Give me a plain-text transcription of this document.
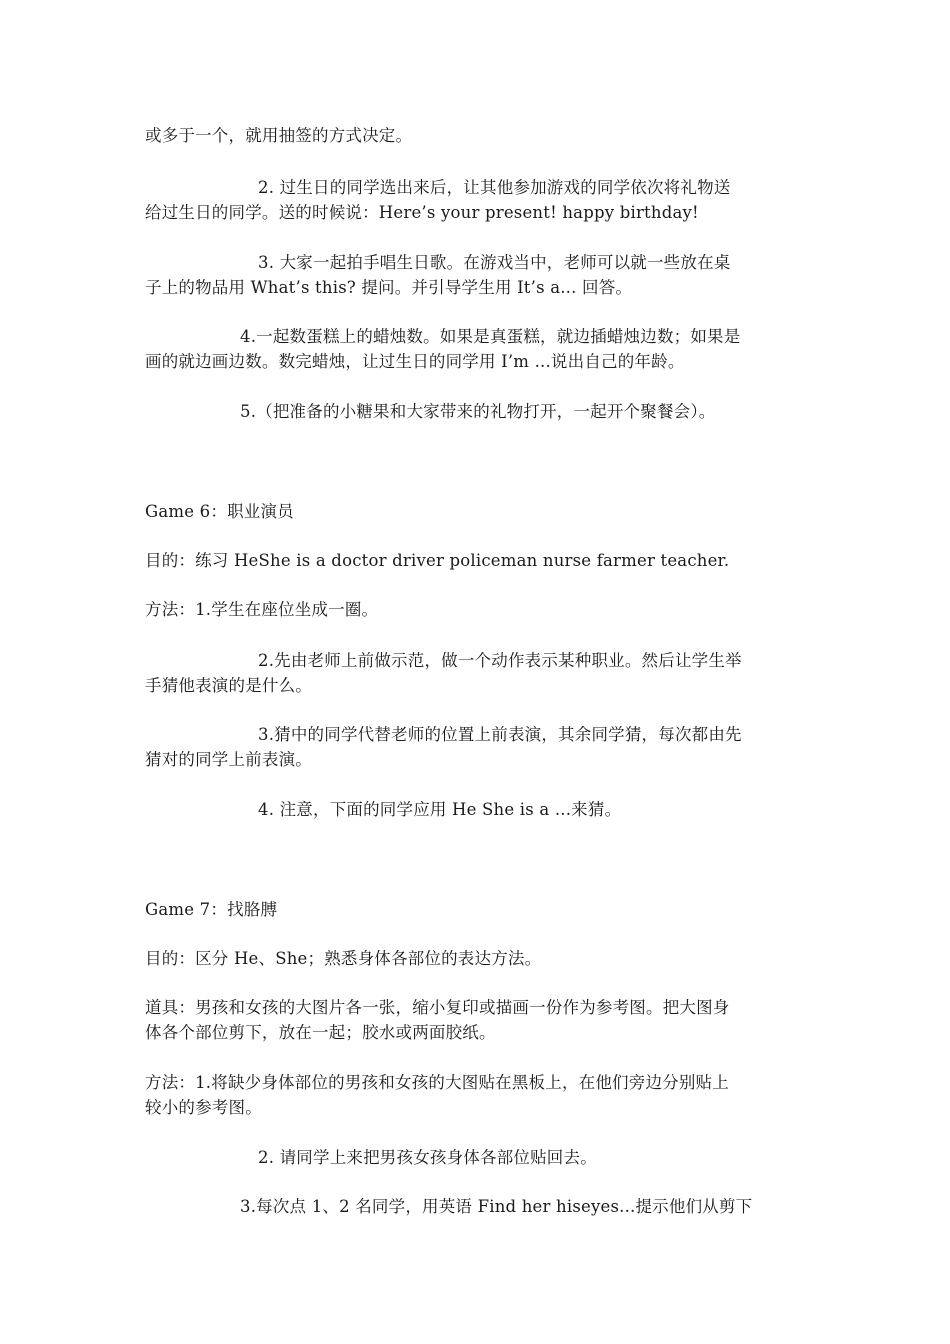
或多于一个，就用抽签的方式决定。
2. 过生日的同学选出来后，让其他参加游戏的同学依次将礼物送
给过生日的同学。送的时候说：Here’s your present! happy birthday!
3. 大家一起拍手唱生日歌。在游戏当中，老师可以就一些放在桌
子上的物品用 What’s this? 提问。并引导学生用 It’s a... 回答。
4.一起数蛋糕上的蜡烛数。如果是真蛋糕，就边插蜡烛边数；如果是
画的就边画边数。数完蜡烛，让过生日的同学用 I’m ...说出自己的年龄。
5.（把准备的小糖果和大家带来的礼物打开，一起开个聚餐会）。
Game 6：职业演员
目的：练习 HeShe is a doctor driver policeman nurse farmer teacher.
方法：1.学生在座位坐成一圈。
2.先由老师上前做示范，做一个动作表示某种职业。然后让学生举
手猜他表演的是什么。
3.猜中的同学代替老师的位置上前表演，其余同学猜，每次都由先
猜对的同学上前表演。
4. 注意，下面的同学应用 He She is a ...来猜。
Game 7：找胳膊
目的：区分 He、She；熟悉身体各部位的表达方法。
道具：男孩和女孩的大图片各一张，缩小复印或描画一份作为参考图。把大图身
体各个部位剪下，放在一起；胶水或两面胶纸。
方法：1.将缺少身体部位的男孩和女孩的大图贴在黑板上，在他们旁边分别贴上
较小的参考图。
2. 请同学上来把男孩女孩身体各部位贴回去。
3.每次点 1、2 名同学，用英语 Find her hiseyes...提示他们从剪下
